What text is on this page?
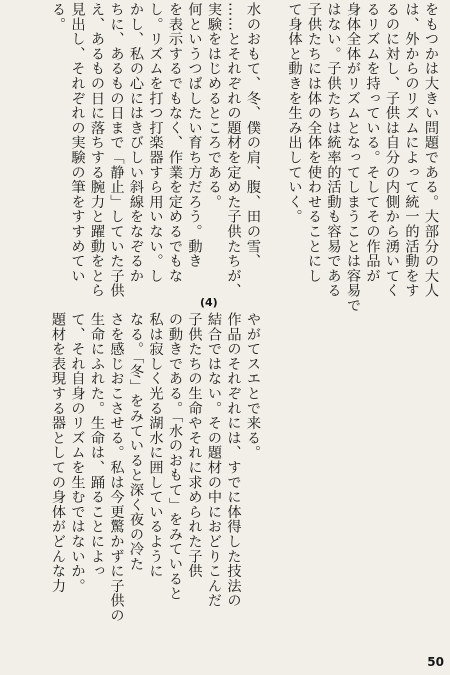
をもつかは大きい問題である。大部分の大人
は、外からのリズムによって統一的活動をす
るのに対し、子供は自分の内側から湧いてく
るリズムを持っている。そしてその作品が
身体全体がリズムとなってしまうことは容易で
はない。子供たちは統率的活動も容易である
子供たちには体の全体を使わせることにし
て身体と動きを生み出していく。
水のおもて、冬、僕の肩、腹、田の雪、
……とそれぞれの題材を定めた子供たちが、
実験をはじめるところである。
何というつばしたい育ち方だろう。動き
を表示するでもなく、作業を定めるでもな
し。リズムを打つ打楽器すら用いない。し
かし、私の心にはきびしい斜線をなぞるか
ちに、あるもの日まで「静止」していた子供
え、あるもの日に落ちする腕力と躍動をとら
見出し、それぞれの実験の筆をすすめてい
る。
(4)
やがてスエとで来る。
作品のそれぞれには、すでに体得した技法の
結合ではない。その題材の中におどりこんだ
子供たちの生命やそれに求められた子供
の動きである。「水のおもて」をみていると
私は寂しく光る湖水に囲しているように
なる。「冬」をみていると深く夜の冷た
さを感じおこさせる。私は今更驚かずに子供の
生命にふれた。生命は、踊ることによっ
て、それ自身のリズムを生むではないか。
題材を表現する器としての身体がどんな力
50
